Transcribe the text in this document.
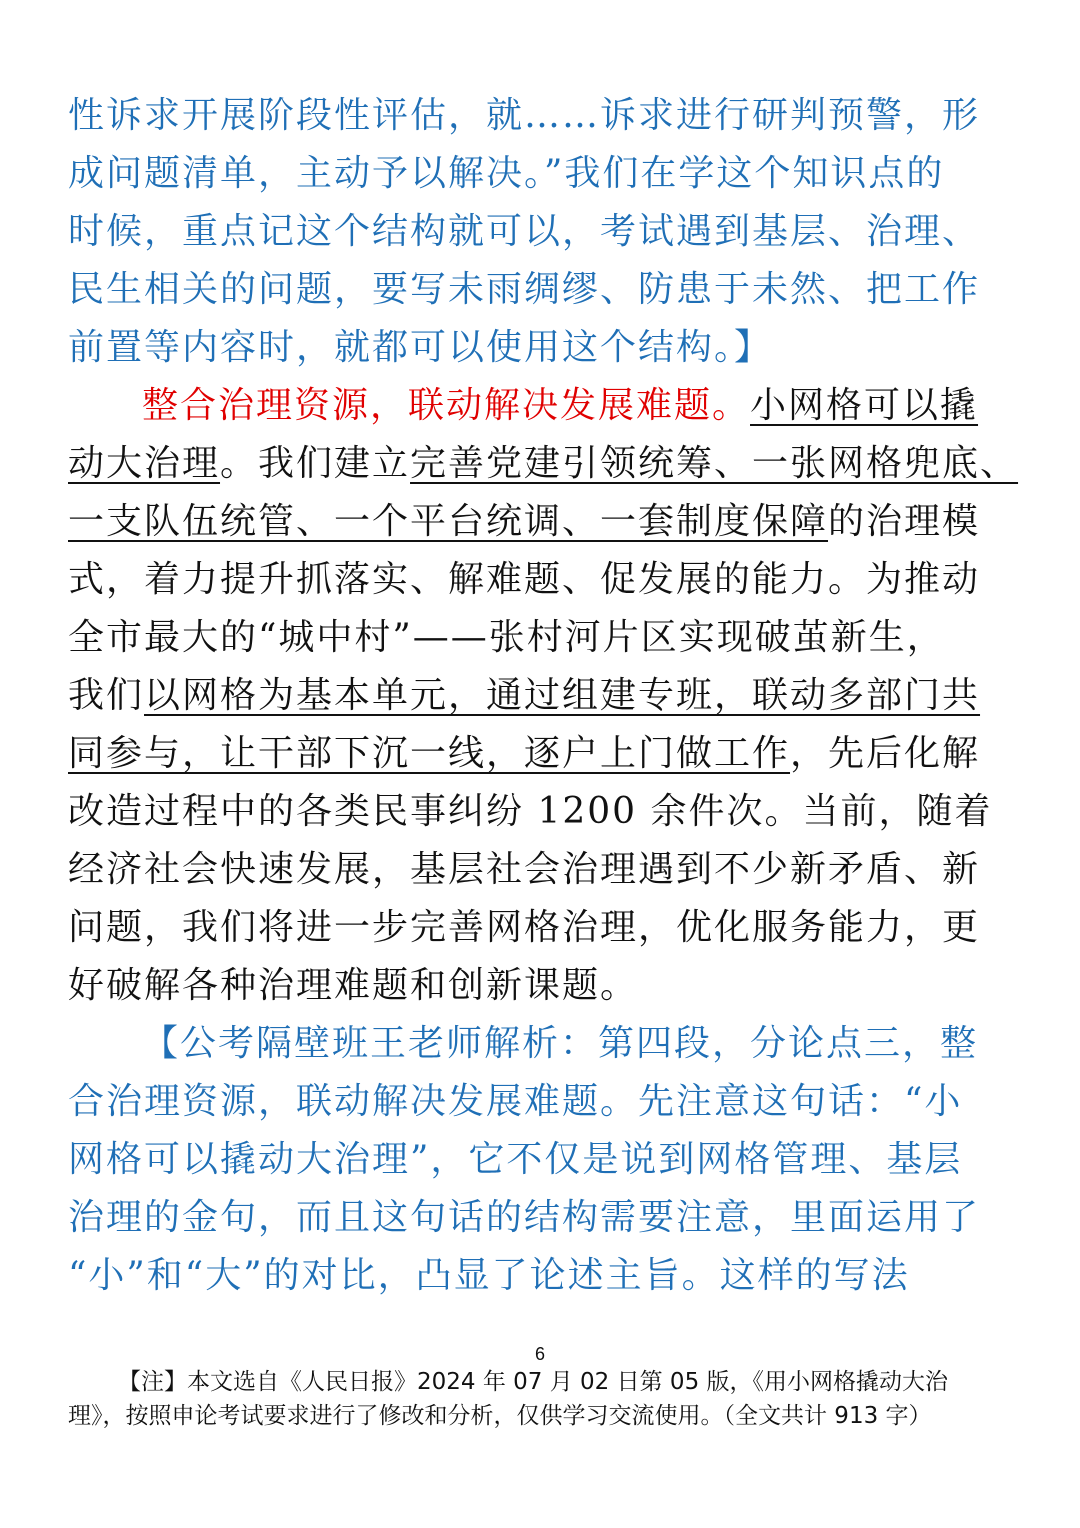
性诉求开展阶段性评估，就……诉求进行研判预警，形
成问题清单，主动予以解决。”我们在学这个知识点的
时候，重点记这个结构就可以，考试遇到基层、治理、
民生相关的问题，要写未雨绸缪、防患于未然、把工作
前置等内容时，就都可以使用这个结构。】
整合治理资源，联动解决发展难题。小网格可以撬
动大治理。我们建立完善党建引领统筹、一张网格兜底、
一支队伍统管、一个平台统调、一套制度保障的治理模
式，着力提升抓落实、解难题、促发展的能力。为推动
全市最大的“城中村”——张村河片区实现破茧新生，
我们以网格为基本单元，通过组建专班，联动多部门共
同参与，让干部下沉一线，逐户上门做工作，先后化解
改造过程中的各类民事纠纷 1200 余件次。当前，随着
经济社会快速发展，基层社会治理遇到不少新矛盾、新
问题，我们将进一步完善网格治理，优化服务能力，更
好破解各种治理难题和创新课题。
【公考隔壁班王老师解析：第四段，分论点三，整
合治理资源，联动解决发展难题。先注意这句话：“小
网格可以撬动大治理”，它不仅是说到网格管理、基层
治理的金句，而且这句话的结构需要注意，里面运用了
“小”和“大”的对比，凸显了论述主旨。这样的写法
6
【注】本文选自《人民日报》2024 年 07 月 02 日第 05 版，《用小网格撬动大治
理》，按照申论考试要求进行了修改和分析，仅供学习交流使用。（全文共计 913 字）
